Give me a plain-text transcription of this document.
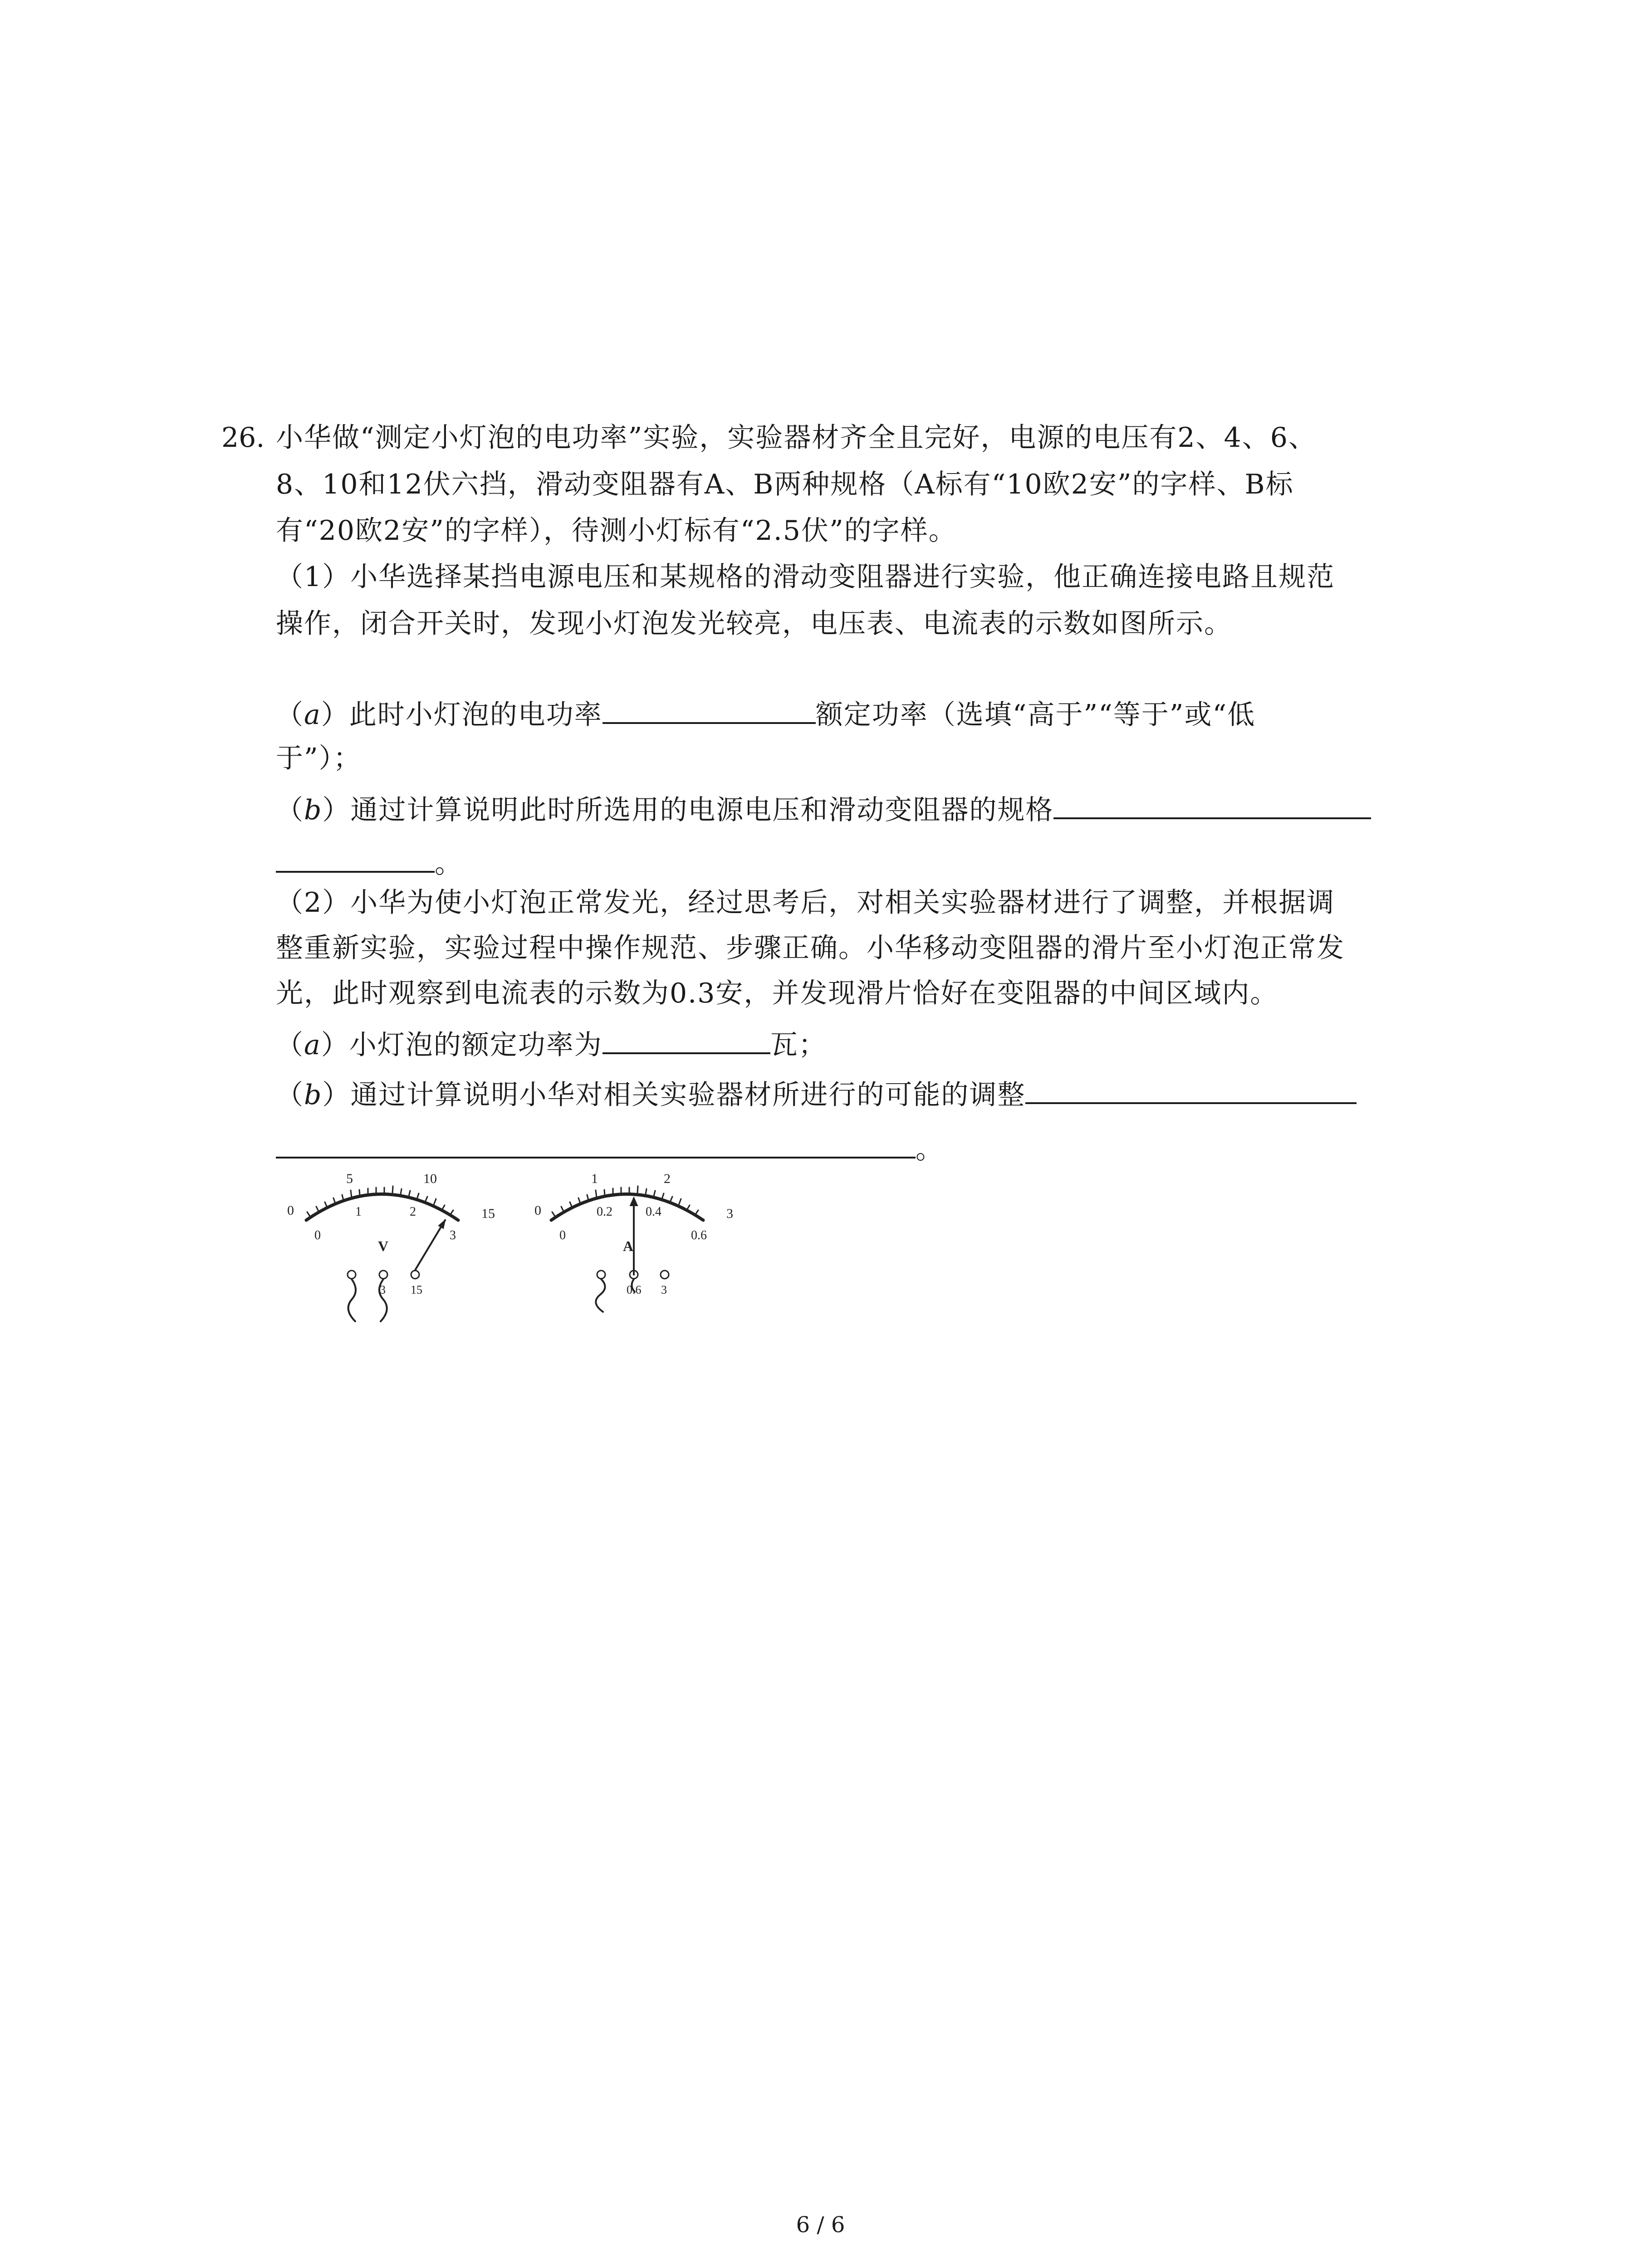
26. 小华做“测定小灯泡的电功率”实验，实验器材齐全且完好，电源的电压有2、4、6、
8、10和12伏六挡，滑动变阻器有A、B两种规格（A标有“10欧2安”的字样、B标
有“20欧2安”的字样），待测小灯标有“2.5伏”的字样。
（1）小华选择某挡电源电压和某规格的滑动变阻器进行实验，他正确连接电路且规范
操作，闭合开关时，发现小灯泡发光较亮，电压表、电流表的示数如图所示。
（a）此时小灯泡的电功率	额定功率（选填“高于”“等于”或“低
于”）；
（b）通过计算说明此时所选用的电源电压和滑动变阻器的规格
。
（2）小华为使小灯泡正常发光，经过思考后，对相关实验器材进行了调整，并根据调
整重新实验，实验过程中操作规范、步骤正确。小华移动变阻器的滑片至小灯泡正常发
光，此时观察到电流表的示数为0.3安，并发现滑片恰好在变阻器的中间区域内。
（a）小灯泡的额定功率为	瓦；
（b）通过计算说明小华对相关实验器材所进行的可能的调整
。
0
5	10
15
0
1	2
3
V
3 15
0
1	2
3
0
0.2	0.4
0.6
A
0.6 3
6 / 6
